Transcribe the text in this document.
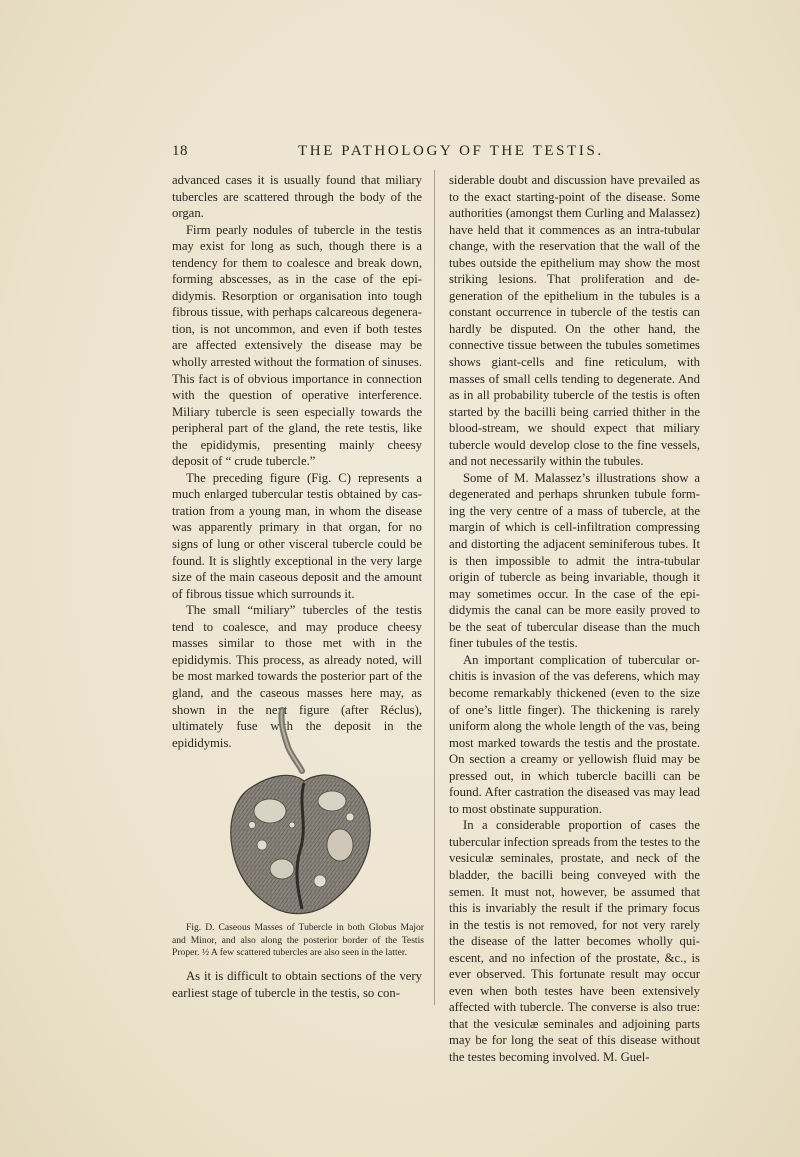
18	THE PATHOLOGY OF THE TESTIS.

advanced cases it is usually found that miliary tubercles are scattered through the body of the organ.

Firm pearly nodules of tubercle in the testis may exist for long as such, though there is a tendency for them to coalesce and break down, forming abscesses, as in the case of the epi-didymis. Resorption or organisation into tough fibrous tissue, with perhaps calcareous degenera-tion, is not uncommon, and even if both testes are affected extensively the disease may be wholly arrested without the formation of sinuses. This fact is of obvious importance in connection with the question of operative interference. Miliary tubercle is seen especially towards the peripheral part of the gland, the rete testis, like the epididymis, presenting mainly cheesy deposit of “ crude tubercle.”

The preceding figure (Fig. C) represents a much enlarged tubercular testis obtained by cas-tration from a young man, in whom the disease was apparently primary in that organ, for no signs of lung or other visceral tubercle could be found. It is slightly exceptional in the very large size of the main caseous deposit and the amount of fibrous tissue which surrounds it.

The small “miliary” tubercles of the testis tend to coalesce, and may produce cheesy masses similar to those met with in the epididymis. This process, as already noted, will be most marked towards the posterior part of the gland, and the caseous masses here may, as shown in the next figure (after Réclus), ultimately fuse with the deposit in the epididymis.

Fig. D. Caseous Masses of Tubercle in both Globus Major and Minor, and also along the posterior border of the Testis Proper. ½ A few scattered tubercles are also seen in the latter.
As it is difficult to obtain sections of the very earliest stage of tubercle in the testis, so con-

siderable doubt and discussion have prevailed as to the exact starting-point of the disease. Some authorities (amongst them Curling and Malassez) have held that it commences as an intra-tubular change, with the reservation that the wall of the tubes outside the epithelium may show the most striking lesions. That proliferation and de-generation of the epithelium in the tubules is a constant occurrence in tubercle of the testis can hardly be disputed. On the other hand, the connective tissue between the tubules sometimes shows giant-cells and fine reticulum, with masses of small cells tending to degenerate. And as in all probability tubercle of the testis is often started by the bacilli being carried thither in the blood-stream, we should expect that miliary tubercle would develop close to the fine vessels, and not necessarily within the tubules.

Some of M. Malassez’s illustrations show a degenerated and perhaps shrunken tubule form-ing the very centre of a mass of tubercle, at the margin of which is cell-infiltration compressing and distorting the adjacent seminiferous tubes. It is then impossible to admit the intra-tubular origin of tubercle as being invariable, though it may sometimes occur. In the case of the epi-didymis the canal can be more easily proved to be the seat of tubercular disease than the much finer tubules of the testis.

An important complication of tubercular or-chitis is invasion of the vas deferens, which may become remarkably thickened (even to the size of one’s little finger). The thickening is rarely uniform along the whole length of the vas, being most marked towards the testis and the prostate. On section a creamy or yellowish fluid may be pressed out, in which tubercle bacilli can be found. After castration the diseased vas may lead to most obstinate suppuration.

In a considerable proportion of cases the tubercular infection spreads from the testes to the vesiculæ seminales, prostate, and neck of the bladder, the bacilli being conveyed with the semen. It must not, however, be assumed that this is invariably the result if the primary focus in the testis is not removed, for not very rarely the disease of the latter becomes wholly qui-escent, and no infection of the prostate, &c., is ever observed. This fortunate result may occur even when both testes have been extensively affected with tubercle. The converse is also true: that the vesiculæ seminales and adjoining parts may be for long the seat of this disease without the testes becoming involved. M. Guel-
